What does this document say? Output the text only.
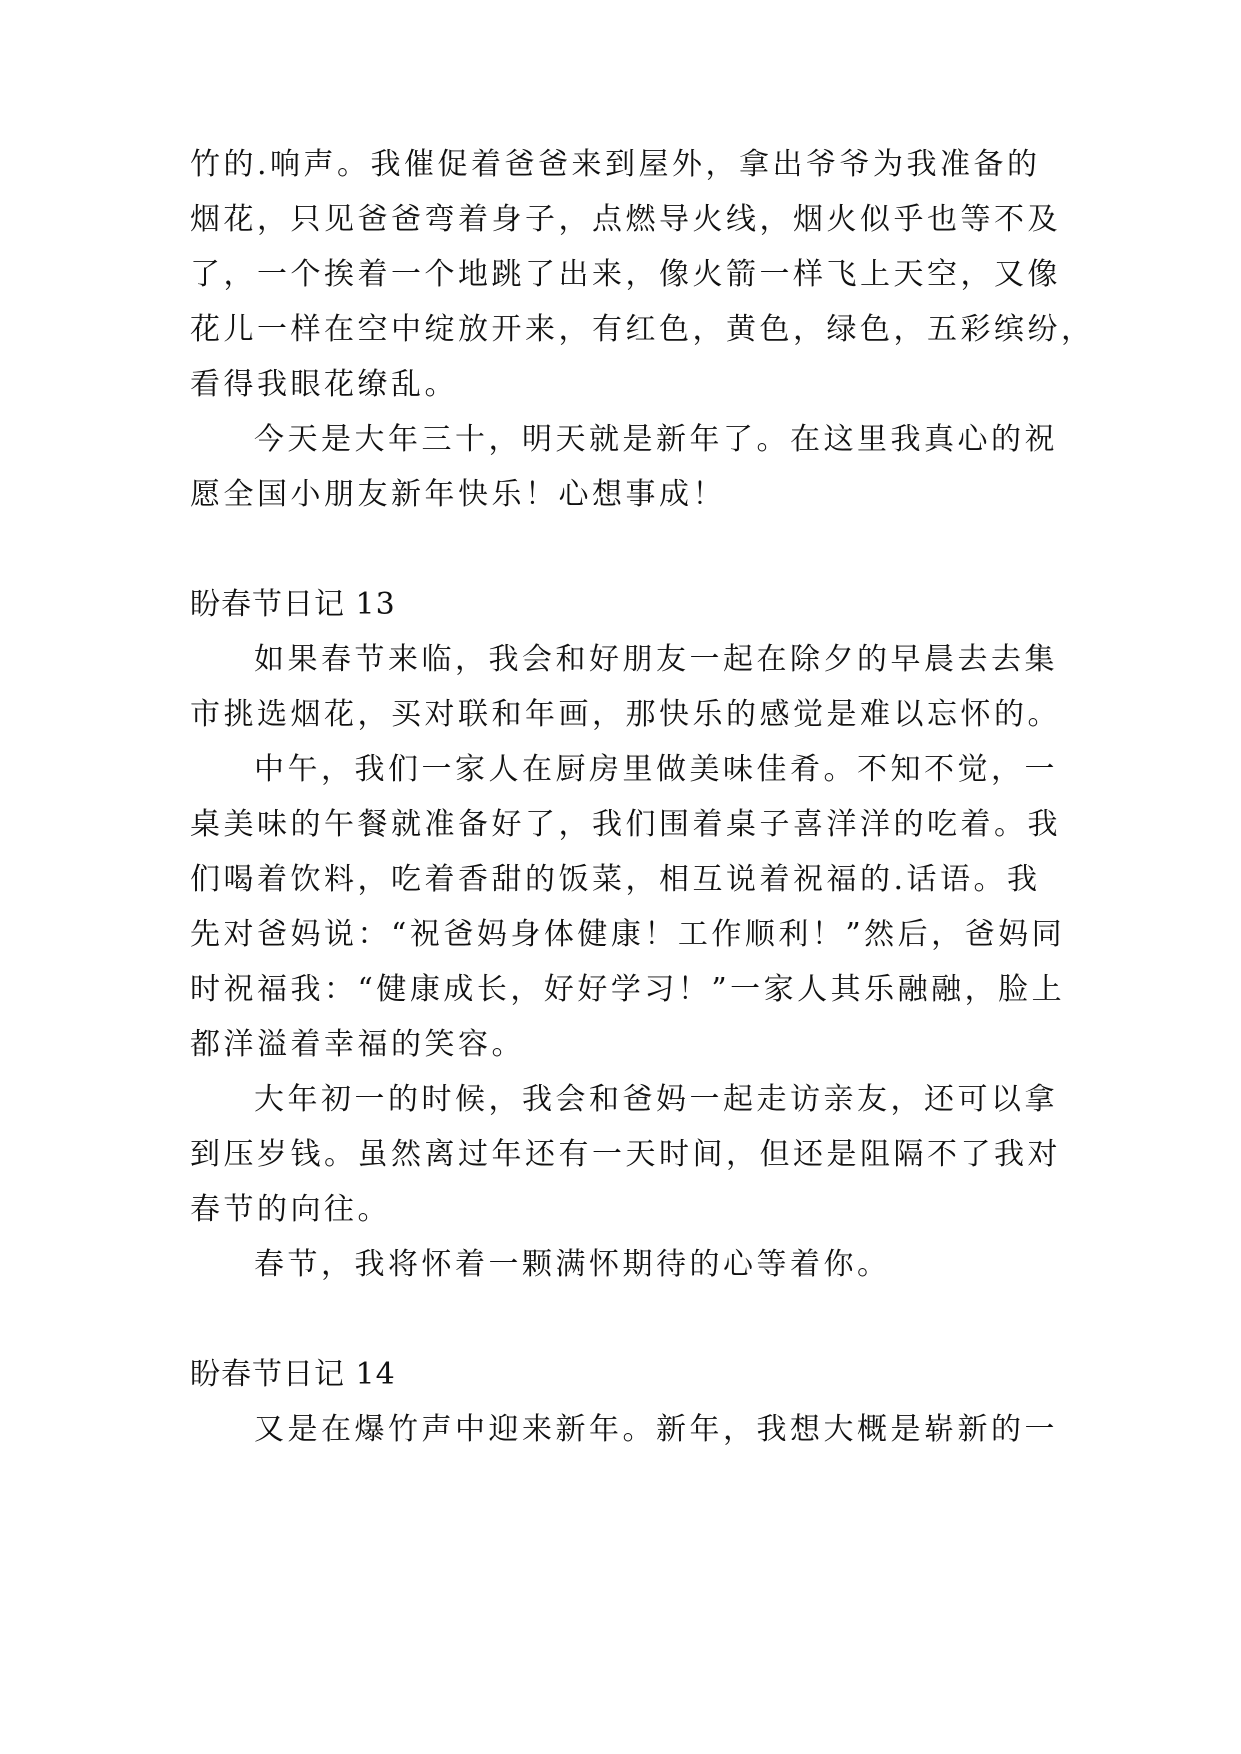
竹的.响声。我催促着爸爸来到屋外，拿出爷爷为我准备的
烟花，只见爸爸弯着身子，点燃导火线，烟火似乎也等不及
了，一个挨着一个地跳了出来，像火箭一样飞上天空，又像
花儿一样在空中绽放开来，有红色，黄色，绿色，五彩缤纷，
看得我眼花缭乱。
今天是大年三十，明天就是新年了。在这里我真心的祝
愿全国小朋友新年快乐！心想事成！
盼春节日记 13
如果春节来临，我会和好朋友一起在除夕的早晨去去集
市挑选烟花，买对联和年画，那快乐的感觉是难以忘怀的。
中午，我们一家人在厨房里做美味佳肴。不知不觉，一
桌美味的午餐就准备好了，我们围着桌子喜洋洋的吃着。我
们喝着饮料，吃着香甜的饭菜，相互说着祝福的.话语。我
先对爸妈说：“祝爸妈身体健康！工作顺利！”然后，爸妈同
时祝福我：“健康成长，好好学习！”一家人其乐融融，脸上
都洋溢着幸福的笑容。
大年初一的时候，我会和爸妈一起走访亲友，还可以拿
到压岁钱。虽然离过年还有一天时间，但还是阻隔不了我对
春节的向往。
春节，我将怀着一颗满怀期待的心等着你。
盼春节日记 14
又是在爆竹声中迎来新年。新年，我想大概是崭新的一
